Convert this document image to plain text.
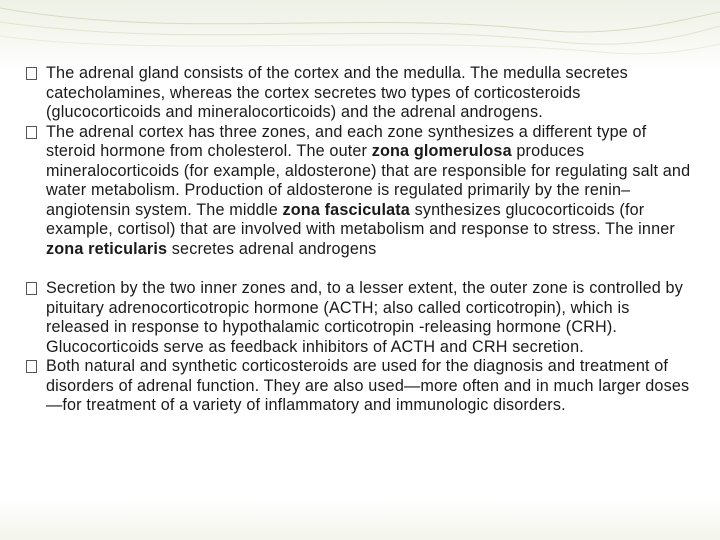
The adrenal gland consists of the cortex and the medulla. The medulla secretes catecholamines, whereas the cortex secretes two types of corticosteroids (glucocorticoids and mineralocorticoids) and the adrenal androgens.

The adrenal cortex has three zones, and each zone synthesizes a different type of steroid hormone from cholesterol. The outer zona glomerulosa produces mineralocorticoids (for example, aldosterone) that are responsible for regulating salt and water metabolism. Production of aldosterone is regulated primarily by the renin–angiotensin system. The middle zona fasciculata synthesizes glucocorticoids (for example, cortisol) that are involved with metabolism and response to stress. The inner zona reticularis secretes adrenal androgens

Secretion by the two inner zones and, to a lesser extent, the outer zone is controlled by pituitary adrenocorticotropic hormone (ACTH; also called corticotropin), which is released in response to hypothalamic corticotropin -releasing hormone (CRH). Glucocorticoids serve as feedback inhibitors of ACTH and CRH secretion.

Both natural and synthetic corticosteroids are used for the diagnosis and treatment of disorders of adrenal function. They are also used—more often and in much larger doses—for treatment of a variety of inflammatory and immunologic disorders.
